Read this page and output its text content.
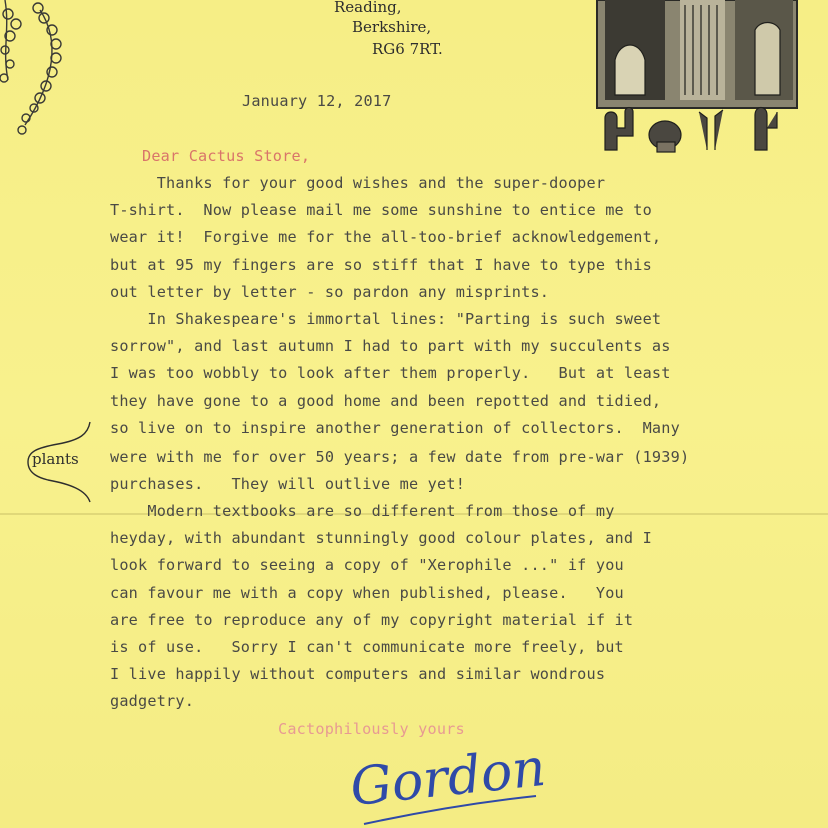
Reading,
Berkshire,
RG6 7RT.
January 12, 2017
Dear Cactus Store,
Thanks for your good wishes and the super-dooper
T-shirt.  Now please mail me some sunshine to entice me to
wear it!  Forgive me for the all-too-brief acknowledgement,
but at 95 my fingers are so stiff that I have to type this
out letter by letter - so pardon any misprints.
In Shakespeare's immortal lines: "Parting is such sweet
sorrow", and last autumn I had to part with my succulents as
I was too wobbly to look after them properly.   But at least
they have gone to a good home and been repotted and tidied,
so live on to inspire another generation of collectors.  Many
were with me for over 50 years; a few date from pre-war (1939)
purchases.   They will outlive me yet!
Modern textbooks are so different from those of my
heyday, with abundant stunningly good colour plates, and I
look forward to seeing a copy of "Xerophile ..." if you
can favour me with a copy when published, please.   You
are free to reproduce any of my copyright material if it
is of use.   Sorry I can't communicate more freely, but
I live happily without computers and similar wondrous
gadgetry.
plants
Cactophilously yours
Gordon
